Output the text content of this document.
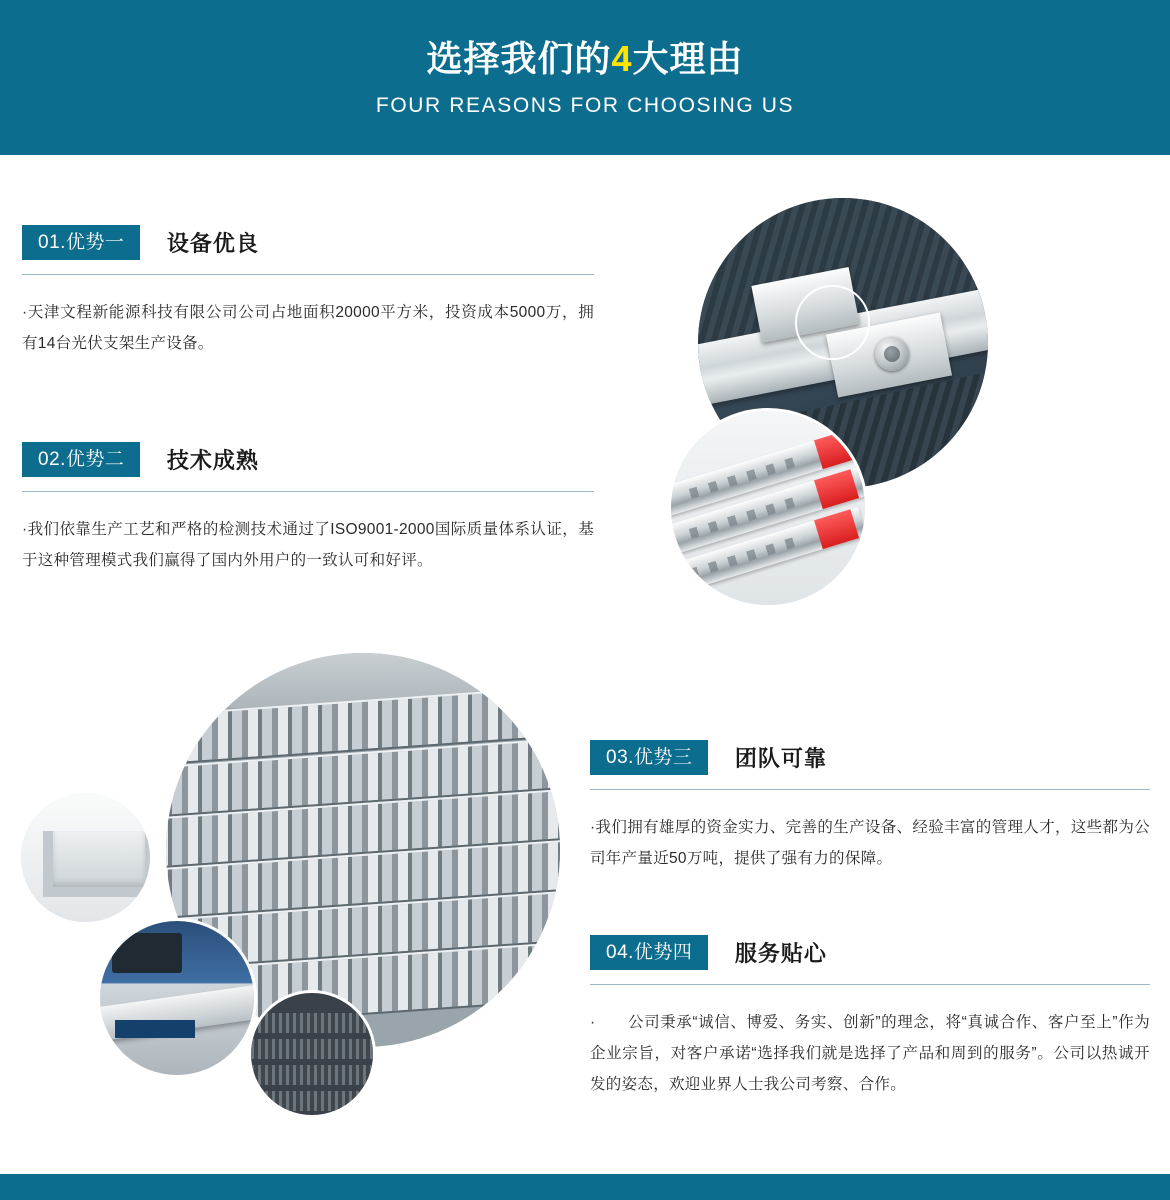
选择我们的4大理由
FOUR REASONS FOR CHOOSING US
01.优势一 设备优良
·天津文程新能源科技有限公司公司占地面积20000平方米，投资成本5000万，拥有14台光伏支架生产设备。
02.优势二 技术成熟
·我们依靠生产工艺和严格的检测技术通过了ISO9001-2000国际质量体系认证，基于这种管理模式我们赢得了国内外用户的一致认可和好评。
03.优势三 团队可靠
·我们拥有雄厚的资金实力、完善的生产设备、经验丰富的管理人才，这些都为公司年产量近50万吨，提供了强有力的保障。
04.优势四 服务贴心
·　　公司秉承“诚信、博爱、务实、创新”的理念，将“真诚合作、客户至上”作为企业宗旨，对客户承诺“选择我们就是选择了产品和周到的服务”。公司以热诚开发的姿态，欢迎业界人士我公司考察、合作。
